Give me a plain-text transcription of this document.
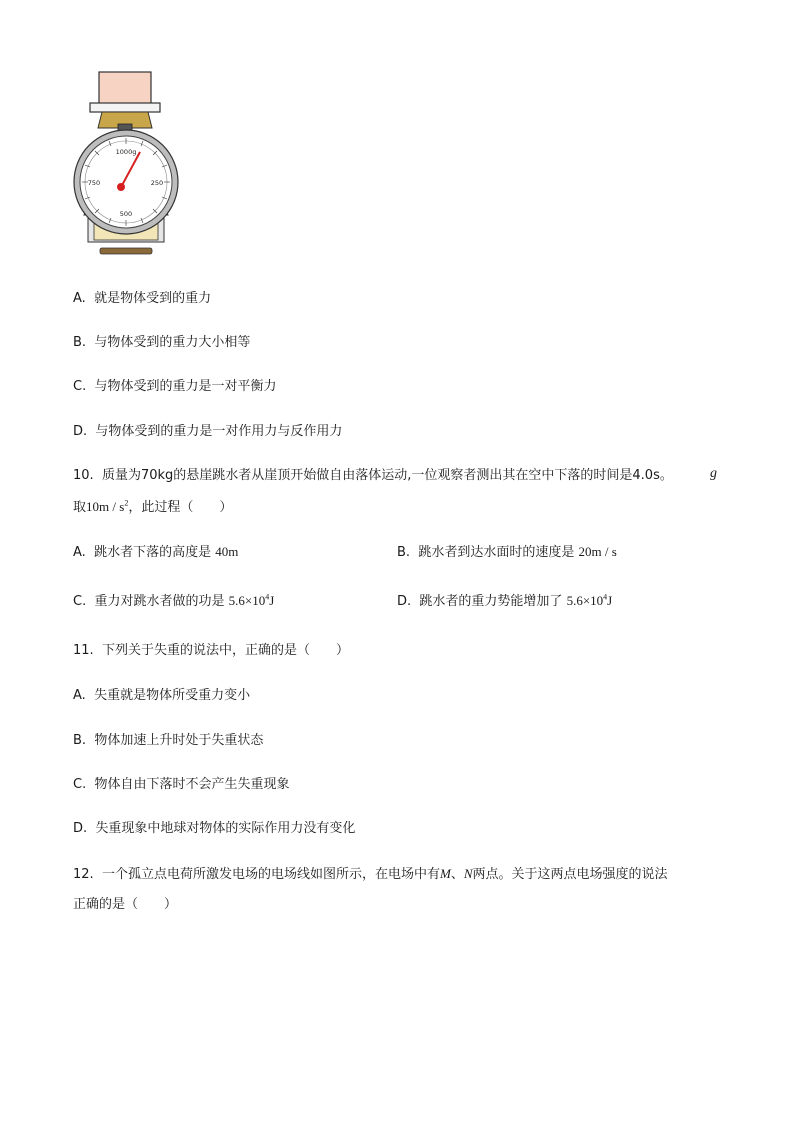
1000g
750	250
500
A. 就是物体受到的重力
B. 与物体受到的重力大小相等
C. 与物体受到的重力是一对平衡力
D. 与物体受到的重力是一对作用力与反作用力
10. 质量为70kg的悬崖跳水者从崖顶开始做自由落体运动,一位观察者测出其在空中下落的时间是4.0s。	g
取$10m / s^2$，此过程（　　）
A. 跳水者下落的高度是 40m	B. 跳水者到达水面时的速度是 20m / s
C. 重力对跳水者做的功是 $5.6\times 10^4J$	D. 跳水者的重力势能增加了 $5.6\times 10^4J$
11. 下列关于失重的说法中，正确的是（　　）
A. 失重就是物体所受重力变小
B. 物体加速上升时处于失重状态
C. 物体自由下落时不会产生失重现象
D. 失重现象中地球对物体的实际作用力没有变化
12. 一个孤立点电荷所激发电场的电场线如图所示，在电场中有M、N两点。关于这两点电场强度的说法
正确的是（　　）
